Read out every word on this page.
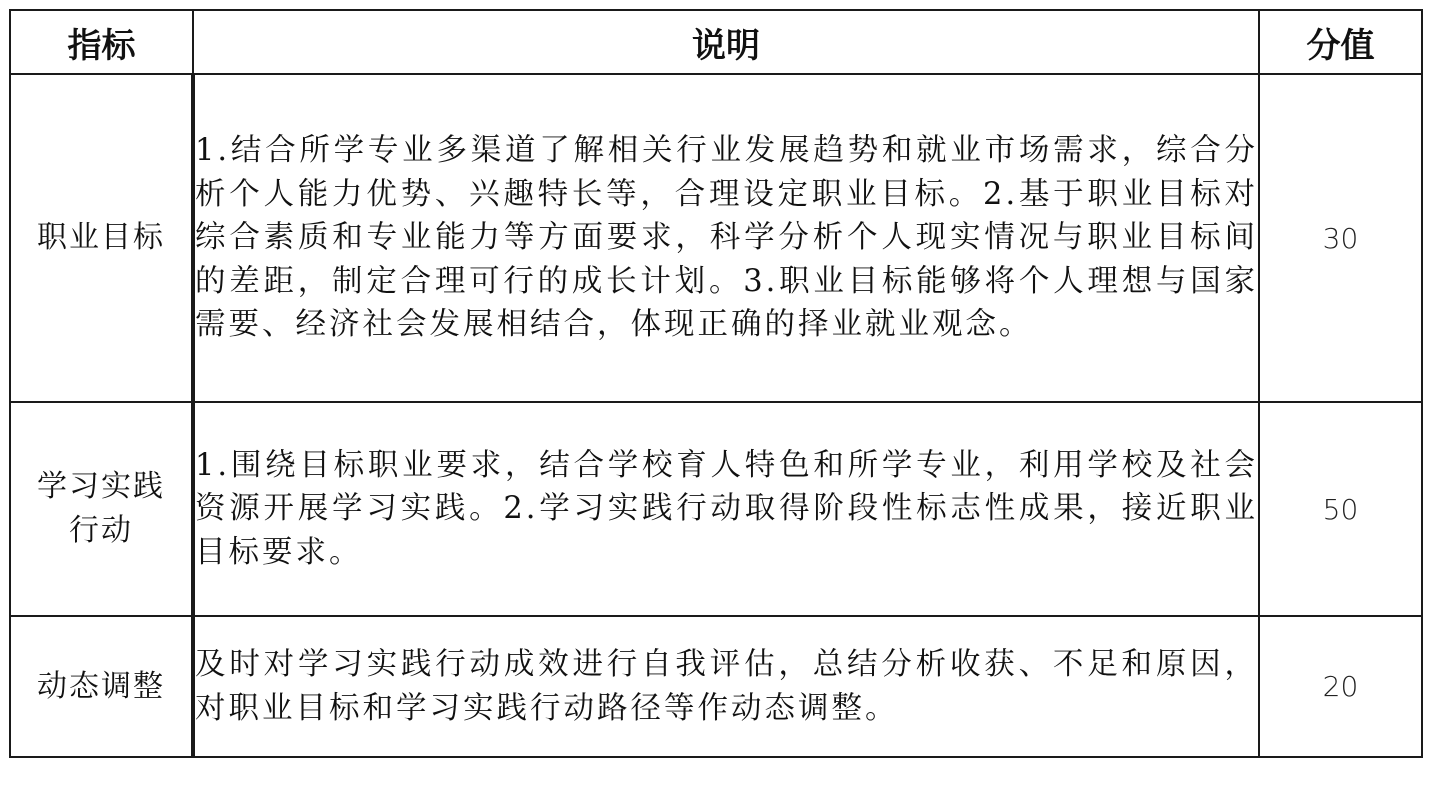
指标	说明	分值
职业目标	1.结合所学专业多渠道了解相关行业发展趋势和就业市场需求，综合分析个人能力优势、兴趣特长等，合理设定职业目标。2.基于职业目标对综合素质和专业能力等方面要求，科学分析个人现实情况与职业目标间的差距，制定合理可行的成长计划。3.职业目标能够将个人理想与国家需要、经济社会发展相结合，体现正确的择业就业观念。	30
学习实践行动	1.围绕目标职业要求，结合学校育人特色和所学专业，利用学校及社会资源开展学习实践。2.学习实践行动取得阶段性标志性成果，接近职业目标要求。	50
动态调整	及时对学习实践行动成效进行自我评估，总结分析收获、不足和原因，对职业目标和学习实践行动路径等作动态调整。	20
